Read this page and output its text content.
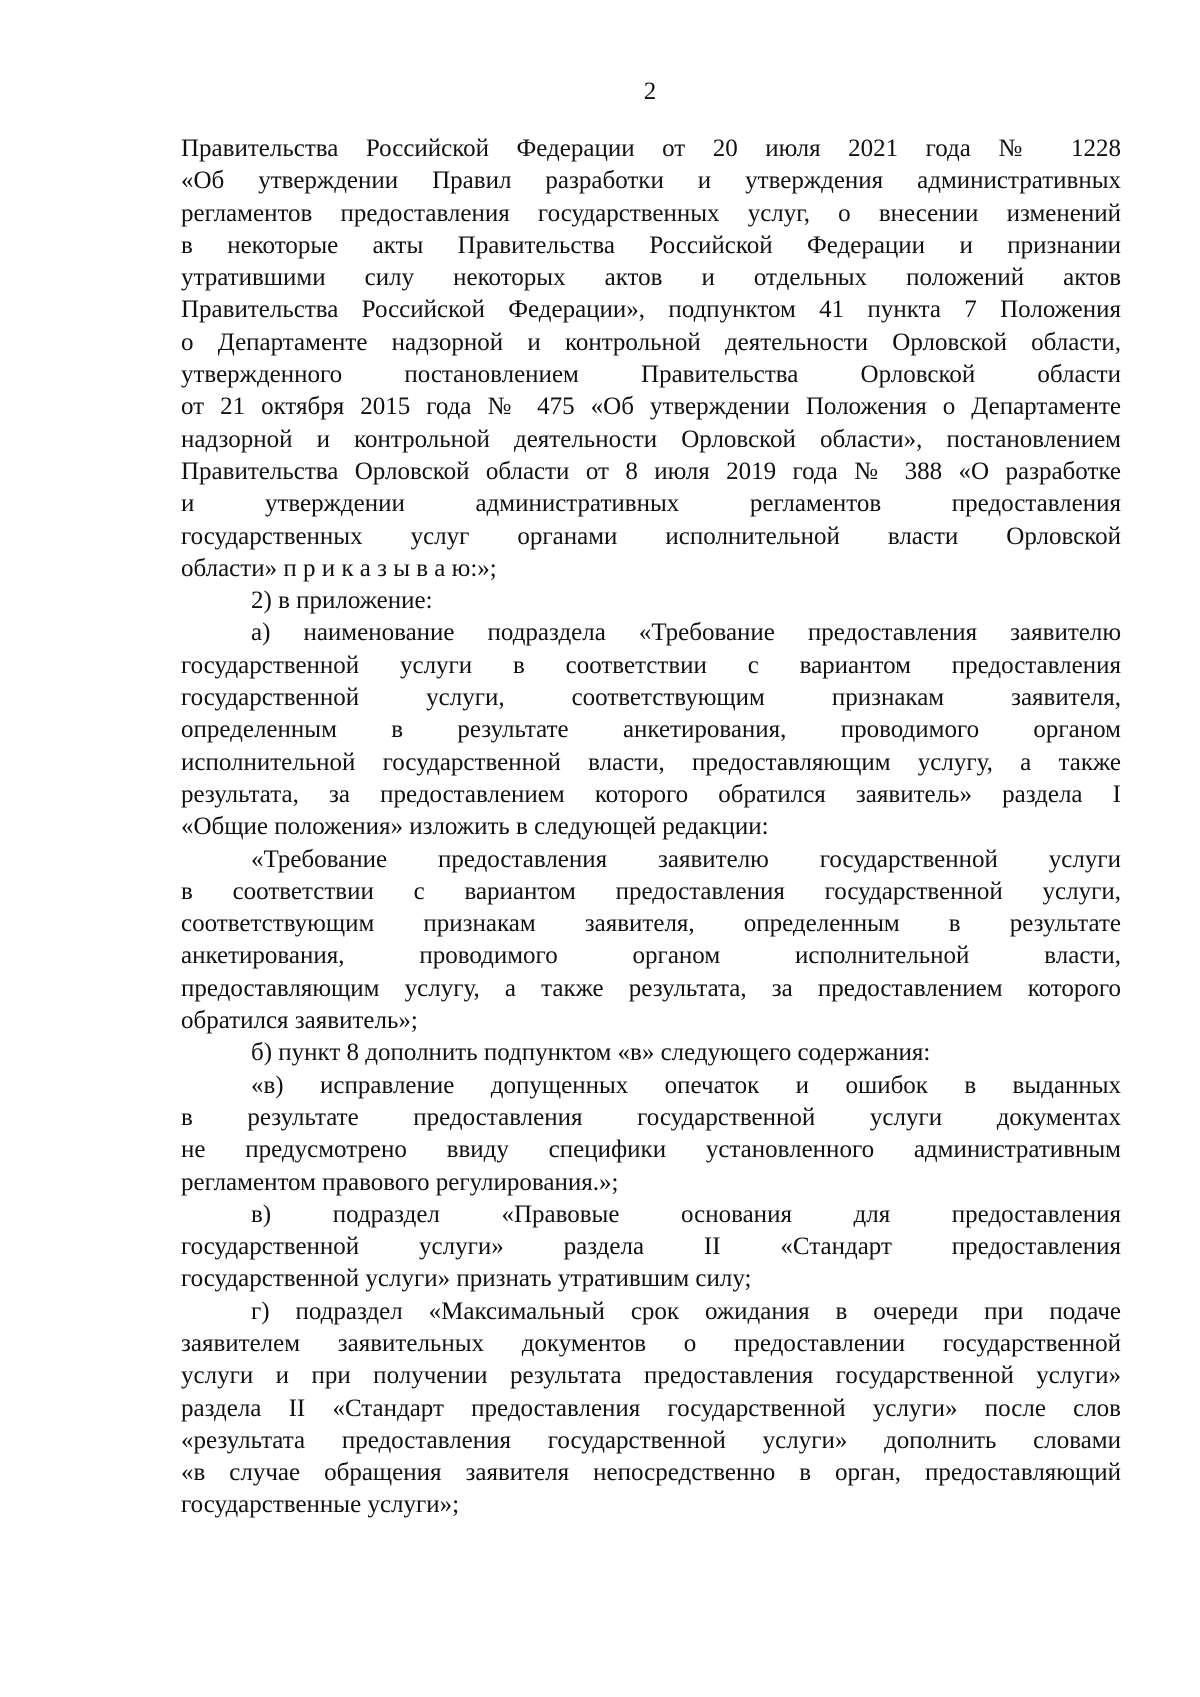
2
Правительства Российской Федерации от 20 июля 2021 года № 1228
«Об утверждении Правил разработки и утверждения административных
регламентов предоставления государственных услуг, о внесении изменений
в некоторые акты Правительства Российской Федерации и признании
утратившими силу некоторых актов и отдельных положений актов
Правительства Российской Федерации», подпунктом 41 пункта 7 Положения
о Департаменте надзорной и контрольной деятельности Орловской области,
утвержденного постановлением Правительства Орловской области
от 21 октября 2015 года № 475 «Об утверждении Положения о Департаменте
надзорной и контрольной деятельности Орловской области», постановлением
Правительства Орловской области от 8 июля 2019 года № 388 «О разработке
и утверждении административных регламентов предоставления
государственных услуг органами исполнительной власти Орловской
области» п р и к а з ы в а ю:»;
2) в приложение:
а) наименование подраздела «Требование предоставления заявителю
государственной услуги в соответствии с вариантом предоставления
государственной услуги, соответствующим признакам заявителя,
определенным в результате анкетирования, проводимого органом
исполнительной государственной власти, предоставляющим услугу, а также
результата, за предоставлением которого обратился заявитель» раздела I
«Общие положения» изложить в следующей редакции:
«Требование предоставления заявителю государственной услуги
в соответствии с вариантом предоставления государственной услуги,
соответствующим признакам заявителя, определенным в результате
анкетирования, проводимого органом исполнительной власти,
предоставляющим услугу, а также результата, за предоставлением которого
обратился заявитель»;
б) пункт 8 дополнить подпунктом «в» следующего содержания:
«в) исправление допущенных опечаток и ошибок в выданных
в результате предоставления государственной услуги документах
не предусмотрено ввиду специфики установленного административным
регламентом правового регулирования.»;
в) подраздел «Правовые основания для предоставления
государственной услуги» раздела II «Стандарт предоставления
государственной услуги» признать утратившим силу;
г) подраздел «Максимальный срок ожидания в очереди при подаче
заявителем заявительных документов о предоставлении государственной
услуги и при получении результата предоставления государственной услуги»
раздела II «Стандарт предоставления государственной услуги» после слов
«результата предоставления государственной услуги» дополнить словами
«в случае обращения заявителя непосредственно в орган, предоставляющий
государственные услуги»;
